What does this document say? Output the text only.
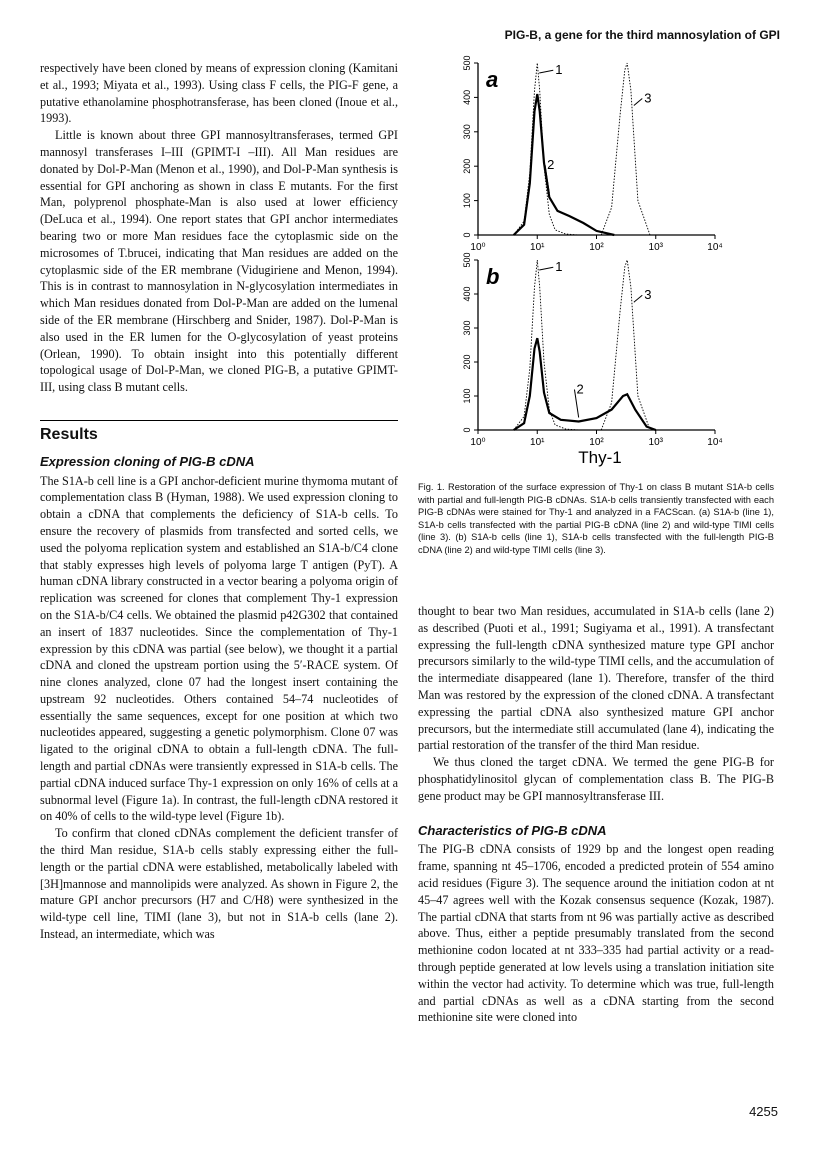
PIG-B, a gene for the third mannosylation of GPI

respectively have been cloned by means of expression cloning (Kamitani et al., 1993; Miyata et al., 1993). Using class F cells, the PIG-F gene, a putative ethanolamine phosphotransferase, has been cloned (Inoue et al., 1993).

Little is known about three GPI mannosyltransferases, termed GPI mannosyl transferases I–III (GPIMT-I –III). All Man residues are donated by Dol-P-Man (Menon et al., 1990), and Dol-P-Man synthesis is essential for GPI anchoring as shown in class E mutants. For the first Man, polyprenol phosphate-Man is also used at lower efficiency (DeLuca et al., 1994). One report states that GPI anchor intermediates bearing two or more Man residues face the cytoplasmic side on the microsomes of T.brucei, indicating that Man residues are added on the cytoplasmic side of the ER membrane (Vidugiriene and Menon, 1994). This is in contrast to mannosylation in N-glycosylation intermediates in which Man residues donated from Dol-P-Man are added on the lumenal side of the ER membrane (Hirschberg and Snider, 1987). Dol-P-Man is also used in the ER lumen for the O-glycosylation of yeast proteins (Orlean, 1990). To obtain insight into this potentially different topological usage of Dol-P-Man, we cloned PIG-B, a putative GPIMT-III, using class B mutant cells.

Results
Expression cloning of PIG-B cDNA

The S1A-b cell line is a GPI anchor-deficient murine thymoma mutant of complementation class B (Hyman, 1988). We used expression cloning to obtain a cDNA that complements the deficiency of S1A-b cells. To ensure the recovery of plasmids from transfected and sorted cells, we used the polyoma replication system and established an S1A-b/C4 clone that stably expresses high levels of polyoma large T antigen (PyT). A human cDNA library constructed in a vector bearing a polyoma origin of replication was screened for clones that complement Thy-1 expression on the S1A-b/C4 cells. We obtained the plasmid p42G302 that contained an insert of 1837 nucleotides. Since the complementation of Thy-1 expression by this cDNA was partial (see below), we thought it a partial cDNA and cloned the upstream portion using the 5′-RACE system. Of nine clones analyzed, clone 07 had the longest insert containing the upstream 92 nucleotides. Others contained 54–74 nucleotides of essentially the same sequences, except for one position at which two nucleotides appeared, suggesting a genetic polymorphism. Clone 07 was ligated to the original cDNA to obtain a full-length cDNA. The full-length and partial cDNAs were transiently expressed in S1A-b cells. The partial cDNA induced surface Thy-1 expression on only 16% of cells at a subnormal level (Figure 1a). In contrast, the full-length cDNA restored it on 40% of cells to the wild-type level (Figure 1b).

To confirm that cloned cDNAs complement the deficient transfer of the third Man residue, S1A-b cells stably expressing either the full-length or the partial cDNA were established, metabolically labeled with [3H]mannose and mannolipids were analyzed. As shown in Figure 2, the mature GPI anchor precursors (H7 and C/H8) were synthesized in the wild-type cell line, TIMI (lane 3), but not in S1A-b cells (lane 2). Instead, an intermediate, which was

0
100
200
300
400
500
10⁰	10¹	10²	10³	10⁴
a	1
2
3
0
100
200
300
400
500
10⁰	10¹	10²	10³	10⁴
b	1
2
3
Thy-1
Fig. 1. Restoration of the surface expression of Thy-1 on class B mutant S1A-b cells with partial and full-length PIG-B cDNAs. S1A-b cells transiently transfected with each PIG-B cDNAs were stained for Thy-1 and analyzed in a FACScan. (a) S1A-b (line 1), S1A-b cells transfected with the partial PIG-B cDNA (line 2) and wild-type TIMI cells (line 3). (b) S1A-b cells (line 1), S1A-b cells transfected with the full-length PIG-B cDNA (line 2) and wild-type TIMI cells (line 3).

thought to bear two Man residues, accumulated in S1A-b cells (lane 2) as described (Puoti et al., 1991; Sugiyama et al., 1991). A transfectant expressing the full-length cDNA synthesized mature type GPI anchor precursors similarly to the wild-type TIMI cells, and the accumulation of the intermediate disappeared (lane 1). Therefore, transfer of the third Man was restored by the expression of the cloned cDNA. A transfectant expressing the partial cDNA also synthesized mature GPI anchor precursors, but the intermediate still accumulated (lane 4), indicating the partial restoration of the transfer of the third Man residue.

We thus cloned the target cDNA. We termed the gene PIG-B for phosphatidylinositol glycan of complementation class B. The PIG-B gene product may be GPI mannosyltransferase III.

Characteristics of PIG-B cDNA

The PIG-B cDNA consists of 1929 bp and the longest open reading frame, spanning nt 45–1706, encoded a predicted protein of 554 amino acid residues (Figure 3). The sequence around the initiation codon at nt 45–47 agrees well with the Kozak consensus sequence (Kozak, 1987). The partial cDNA that starts from nt 96 was partially active as described above. Thus, either a peptide presumably translated from the second methionine codon located at nt 333–335 had partial activity or a read-through peptide generated at low levels using a translation initiation site within the vector had activity. To determine which was true, full-length and partial cDNAs as well as a cDNA starting from the second methionine site were cloned into

4255
